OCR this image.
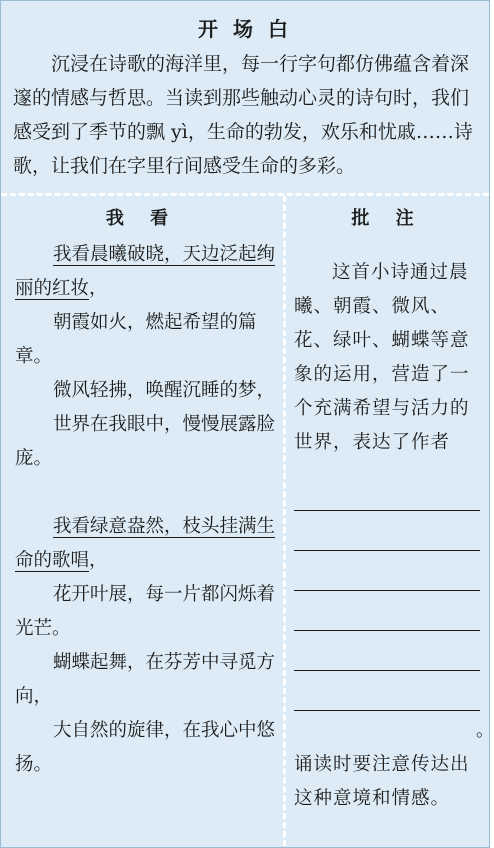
开 场 白
沉浸在诗歌的海洋里，每一行字句都仿佛蕴含着深邃的情感与哲思。当读到那些触动心灵的诗句时，我们感受到了季节的飘 yì，生命的勃发，欢乐和忧戚……诗歌，让我们在字里行间感受生命的多彩。
我 看

我看晨曦破晓，天边泛起绚丽的红妆，

朝霞如火，燃起希望的篇章。

微风轻拂，唤醒沉睡的梦，

世界在我眼中，慢慢展露脸庞。

我看绿意盎然，枝头挂满生命的歌唱，

花开叶展，每一片都闪烁着光芒。

蝴蝶起舞，在芬芳中寻觅方向，

大自然的旋律，在我心中悠扬。

批 注
这首小诗通过晨曦、朝霞、微风、花、绿叶、蝴蝶等意象的运用，营造了一个充满希望与活力的世界，表达了作者
。
诵读时要注意传达出这种意境和情感。
